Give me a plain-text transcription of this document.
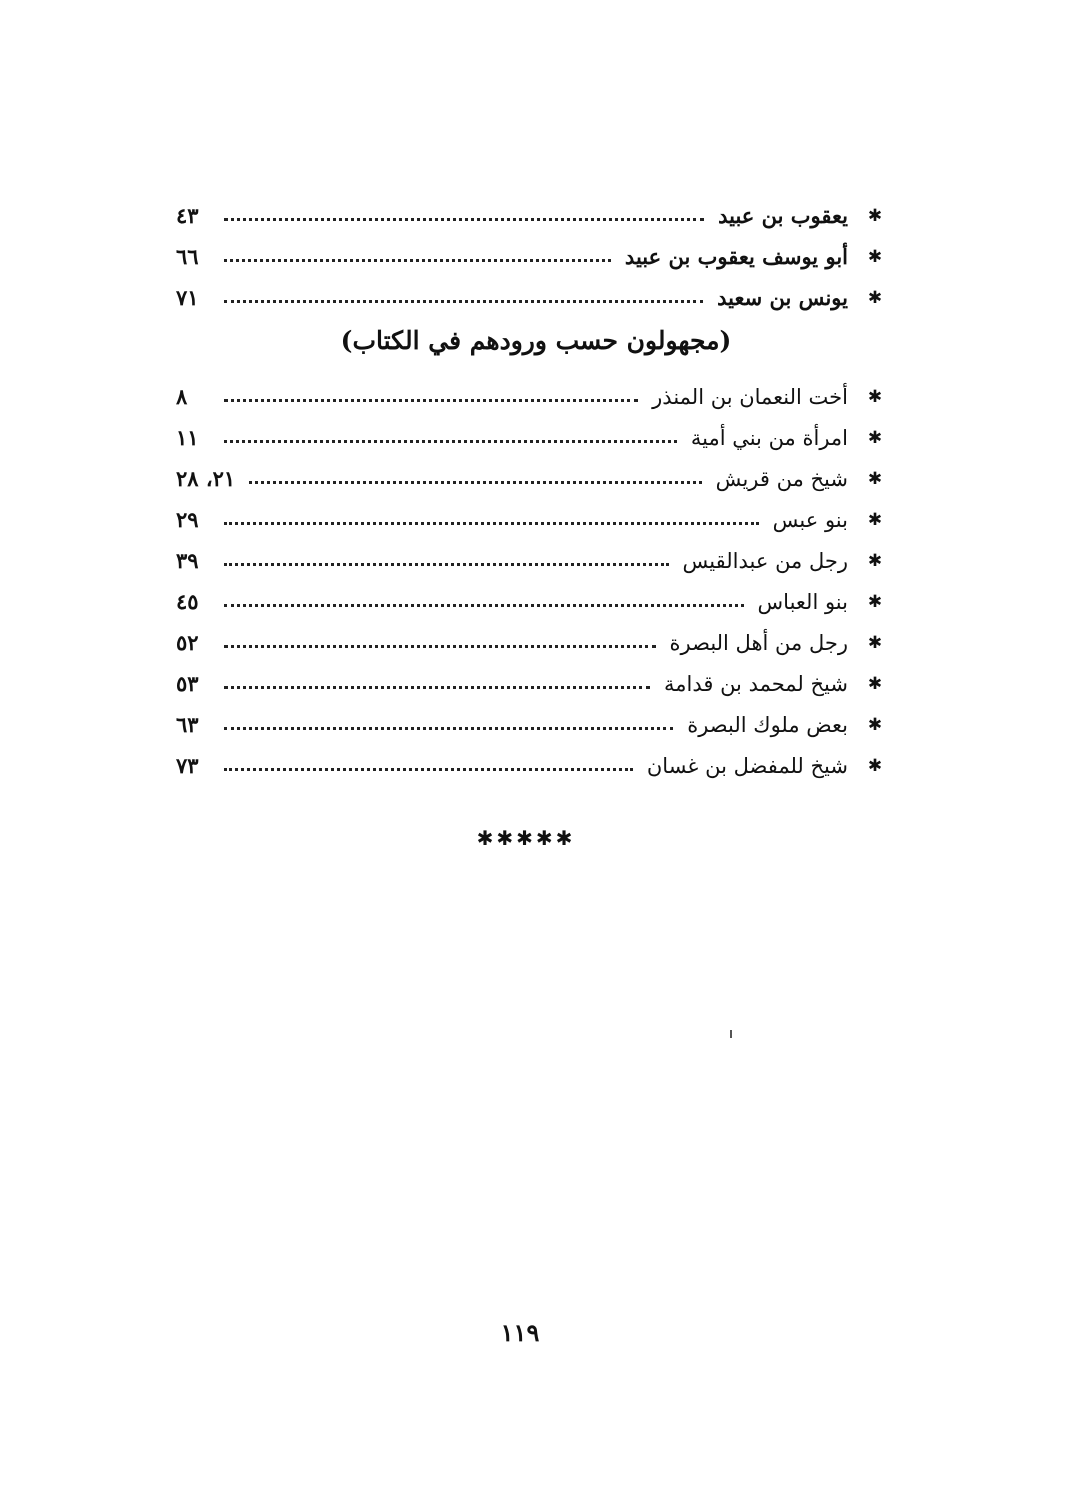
✱
يعقوب بن عبيد
٤٣
✱
أبو يوسف يعقوب بن عبيد
٦٦
✱
يونس بن سعيد
٧١
(مجهولون حسب ورودهم في الكتاب)
✱
أخت النعمان بن المنذر
٨
✱
امرأة من بني أمية
١١
✱
شيخ من قريش
٢١، ٢٨
✱
بنو عبس
٢٩
✱
رجل من عبدالقيس
٣٩
✱
بنو العباس
٤٥
✱
رجل من أهل البصرة
٥٢
✱
شيخ لمحمد بن قدامة
٥٣
✱
بعض ملوك البصرة
٦٣
✱
شيخ للمفضل بن غسان
٧٣
✱✱✱✱✱
١١٩
